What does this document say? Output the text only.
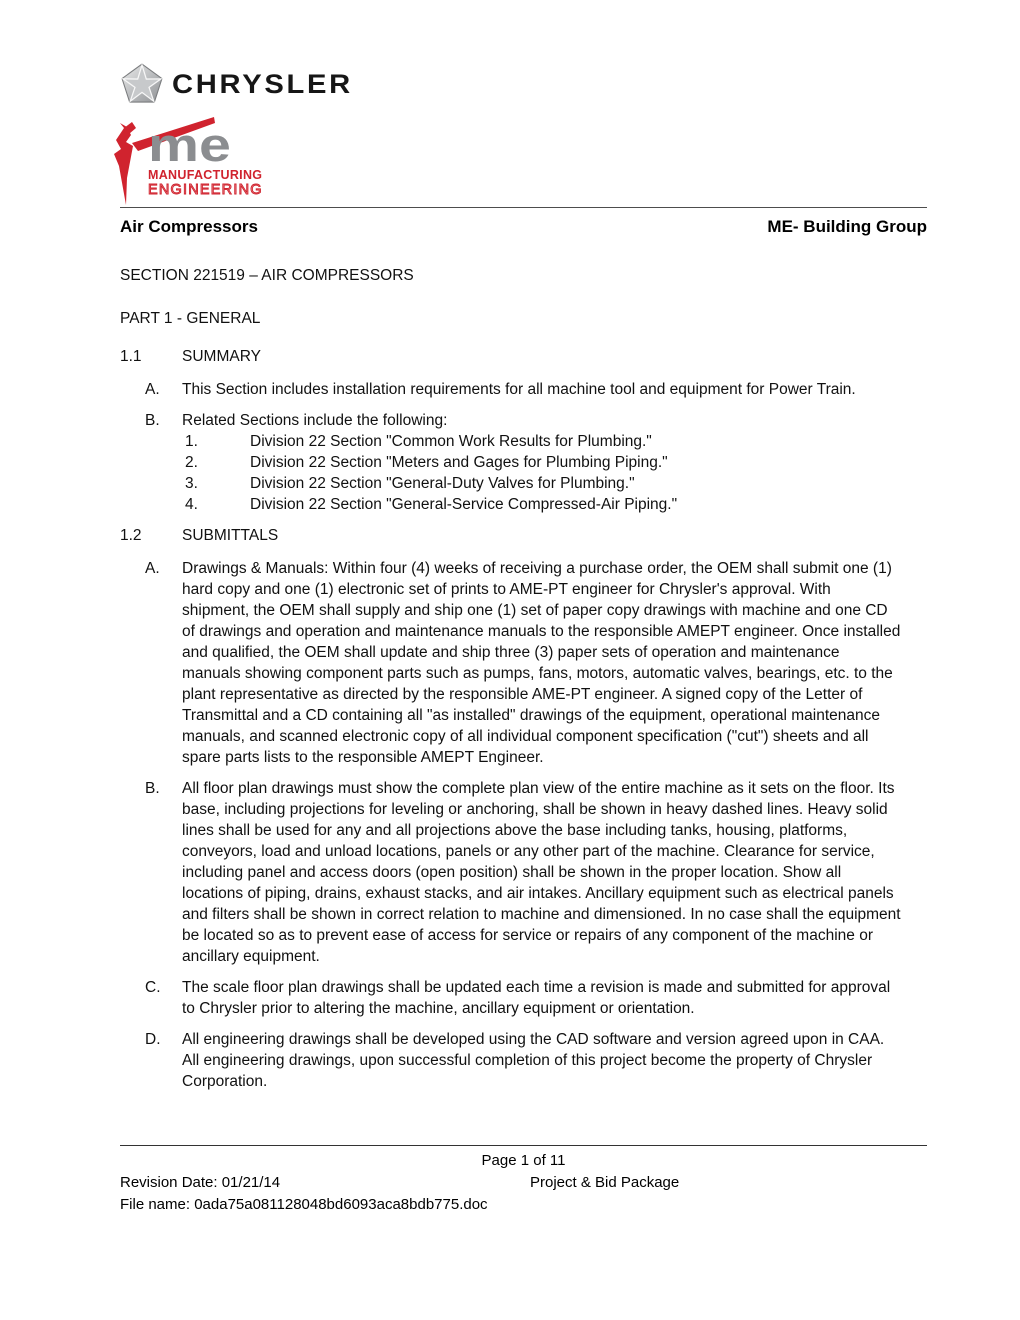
CHRYSLER
me
MANUFACTURING
ENGINEERING
Air Compressors	ME- Building Group
SECTION 221519 – AIR COMPRESSORS
PART 1 - GENERAL
1.1	SUMMARY
A.	This Section includes installation requirements for all machine tool and equipment for Power Train.
B.	Related Sections include the following:
1.	Division 22 Section "Common Work Results for Plumbing."
2.	Division 22 Section "Meters and Gages for Plumbing Piping."
3.	Division 22 Section "General-Duty Valves for Plumbing."
4.	Division 22 Section "General-Service Compressed-Air Piping."
1.2	SUBMITTALS
A.	Drawings & Manuals: Within four (4) weeks of receiving a purchase order, the OEM shall submit one (1) hard copy and one (1) electronic set of prints to AME-PT engineer for Chrysler's approval. With shipment, the OEM shall supply and ship one (1) set of paper copy drawings with machine and one CD of drawings and operation and maintenance manuals to the responsible AMEPT engineer. Once installed and qualified, the OEM shall update and ship three (3) paper sets of operation and maintenance manuals showing component parts such as pumps, fans, motors, automatic valves, bearings, etc. to the plant representative as directed by the responsible AME-PT engineer. A signed copy of the Letter of Transmittal and a CD containing all "as installed" drawings of the equipment, operational maintenance manuals, and scanned electronic copy of all individual component specification ("cut") sheets and all spare parts lists to the responsible AMEPT Engineer.
B.	All floor plan drawings must show the complete plan view of the entire machine as it sets on the floor. Its base, including projections for leveling or anchoring, shall be shown in heavy dashed lines. Heavy solid lines shall be used for any and all projections above the base including tanks, housing, platforms, conveyors, load and unload locations, panels or any other part of the machine. Clearance for service, including panel and access doors (open position) shall be shown in the proper location. Show all locations of piping, drains, exhaust stacks, and air intakes. Ancillary equipment such as electrical panels and filters shall be shown in correct relation to machine and dimensioned. In no case shall the equipment be located so as to prevent ease of access for service or repairs of any component of the machine or ancillary equipment.
C.	The scale floor plan drawings shall be updated each time a revision is made and submitted for approval to Chrysler prior to altering the machine, ancillary equipment or orientation.
D.	All engineering drawings shall be developed using the CAD software and version agreed upon in CAA. All engineering drawings, upon successful completion of this project become the property of Chrysler Corporation.
Page 1 of 11
Revision Date: 01/21/14	Project & Bid Package
File name: 0ada75a081128048bd6093aca8bdb775.doc
